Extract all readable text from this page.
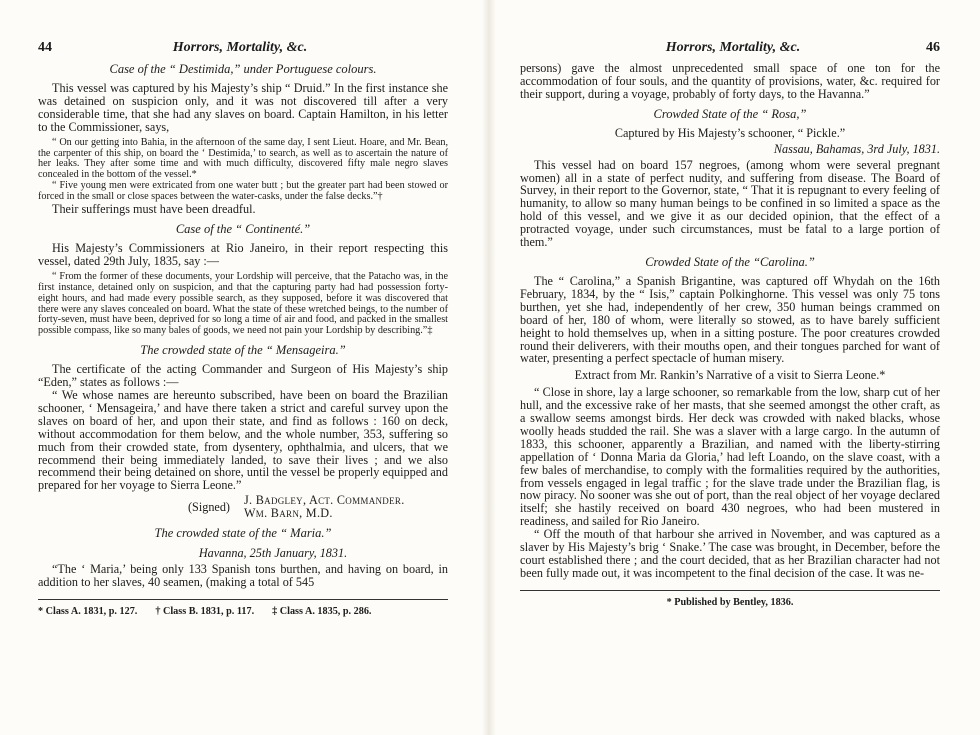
44	Horrors, Mortality, &c.
Case of the “ Destimida,” under Portuguese colours.

This vessel was captured by his Majesty’s ship “ Druid.” In the first instance she was detained on suspicion only, and it was not discovered till after a very considerable time, that she had any slaves on board. Captain Hamilton, in his letter to the Commissioner, says,

“ On our getting into Bahia, in the afternoon of the same day, I sent Lieut. Hoare, and Mr. Bean, the carpenter of this ship, on board the ‘ Destimida,’ to search, as well as to ascertain the nature of her leaks. They after some time and with much difficulty, discovered fifty male negro slaves concealed in the bottom of the vessel.*

“ Five young men were extricated from one water butt ; but the greater part had been stowed or forced in the small or close spaces between the water-casks, under the false decks.”†

Their sufferings must have been dreadful.

Case of the “ Continenté.”

His Majesty’s Commissioners at Rio Janeiro, in their report respecting this vessel, dated 29th July, 1835, say :—

“ From the former of these documents, your Lordship will perceive, that the Patacho was, in the first instance, detained only on suspicion, and that the capturing party had had possession forty-eight hours, and had made every possible search, as they supposed, before it was discovered that there were any slaves concealed on board. What the state of these wretched beings, to the number of forty-seven, must have been, deprived for so long a time of air and food, and packed in the smallest possible compass, like so many bales of goods, we need not pain your Lordship by describing.”‡

The crowded state of the “ Mensageira.”

The certificate of the acting Commander and Surgeon of His Majesty’s ship “Eden,” states as follows :—

“ We whose names are hereunto subscribed, have been on board the Brazilian schooner, ‘ Mensageira,’ and have there taken a strict and careful survey upon the slaves on board of her, and upon their state, and find as follows : 160 on deck, without accommodation for them below, and the whole number, 353, suffering so much from their crowded state, from dysentery, ophthalmia, and ulcers, that we recommend their being immediately landed, to save their lives ; and we also recommend their being detained on shore, until the vessel be properly equipped and prepared for her voyage to Sierra Leone.”

(Signed) J. Badgley, Act. Commander.
Wm. Barn, M.D.
The crowded state of the “ Maria.”
Havanna, 25th January, 1831.

“The ‘ Maria,’ being only 133 Spanish tons burthen, and having on board, in addition to her slaves, 40 seamen, (making a total of 545

* Class A. 1831, p. 127. † Class B. 1831, p. 117. ‡ Class A. 1835, p. 286.
Horrors, Mortality, &c.	46

persons) gave the almost unprecedented small space of one ton for the accommodation of four souls, and the quantity of provisions, water, &c. required for their support, during a voyage, probably of forty days, to the Havanna.”

Crowded State of the “ Rosa,”

Captured by His Majesty’s schooner, “ Pickle.”

Nassau, Bahamas, 3rd July, 1831.

This vessel had on board 157 negroes, (among whom were several pregnant women) all in a state of perfect nudity, and suffering from disease. The Board of Survey, in their report to the Governor, state, “ That it is repugnant to every feeling of humanity, to allow so many human beings to be confined in so limited a space as the hold of this vessel, and we give it as our decided opinion, that the effect of a protracted voyage, under such circumstances, must be fatal to a large portion of them.”

Crowded State of the “Carolina.”

The “ Carolina,” a Spanish Brigantine, was captured off Whydah on the 16th February, 1834, by the “ Isis,” captain Polkinghorne. This vessel was only 75 tons burthen, yet she had, independently of her crew, 350 human beings crammed on board of her, 180 of whom, were literally so stowed, as to have barely sufficient height to hold themselves up, when in a sitting posture. The poor creatures crowded round their deliverers, with their mouths open, and their tongues parched for want of water, presenting a perfect spectacle of human misery.

Extract from Mr. Rankin’s Narrative of a visit to Sierra Leone.*

“ Close in shore, lay a large schooner, so remarkable from the low, sharp cut of her hull, and the excessive rake of her masts, that she seemed amongst the other craft, as a swallow seems amongst birds. Her deck was crowded with naked blacks, whose woolly heads studded the rail. She was a slaver with a large cargo. In the autumn of 1833, this schooner, apparently a Brazilian, and named with the liberty-stirring appellation of ‘ Donna Maria da Gloria,’ had left Loando, on the slave coast, with a few bales of merchandise, to comply with the formalities required by the authorities, from vessels engaged in legal traffic ; for the slave trade under the Brazilian flag, is now piracy. No sooner was she out of port, than the real object of her voyage declared itself; she hastily received on board 430 negroes, who had been mustered in readiness, and sailed for Rio Janeiro.

“ Off the mouth of that harbour she arrived in November, and was captured as a slaver by His Majesty’s brig ‘ Snake.’ The case was brought, in December, before the court established there ; and the court decided, that as her Brazilian character had not been fully made out, it was incompetent to the final decision of the case. It was ne-

* Published by Bentley, 1836.
